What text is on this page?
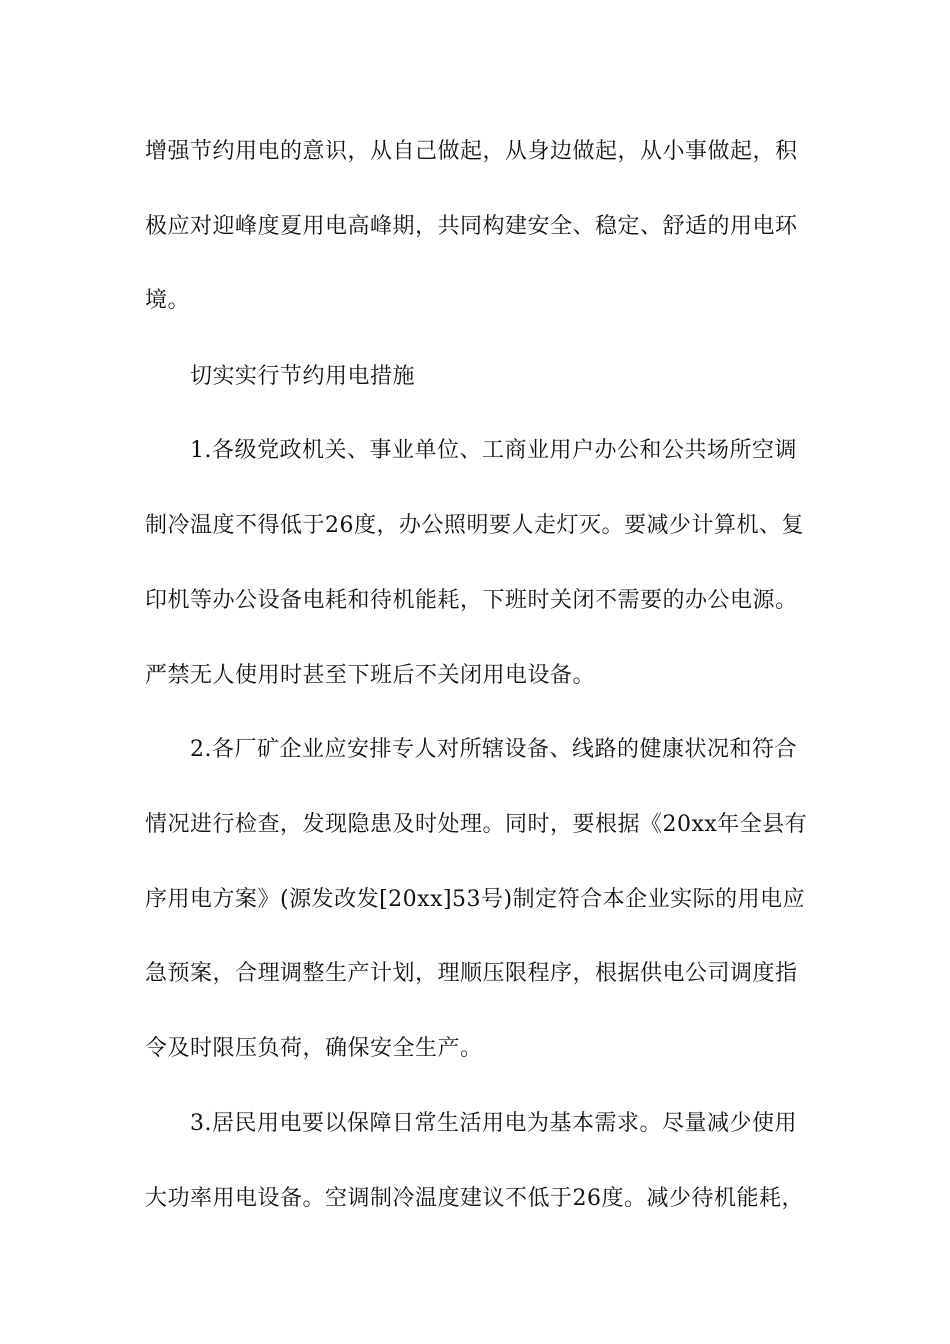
增强节约用电的意识，从自己做起，从身边做起，从小事做起，积
极应对迎峰度夏用电高峰期，共同构建安全、稳定、舒适的用电环
境。
切实实行节约用电措施
1.各级党政机关、事业单位、工商业用户办公和公共场所空调
制冷温度不得低于26度，办公照明要人走灯灭。要减少计算机、复
印机等办公设备电耗和待机能耗，下班时关闭不需要的办公电源。
严禁无人使用时甚至下班后不关闭用电设备。
2.各厂矿企业应安排专人对所辖设备、线路的健康状况和符合
情况进行检查，发现隐患及时处理。同时，要根据《20xx年全县有
序用电方案》(源发改发[20xx]53号)制定符合本企业实际的用电应
急预案，合理调整生产计划，理顺压限程序，根据供电公司调度指
令及时限压负荷，确保安全生产。
3.居民用电要以保障日常生活用电为基本需求。尽量减少使用
大功率用电设备。空调制冷温度建议不低于26度。减少待机能耗，
